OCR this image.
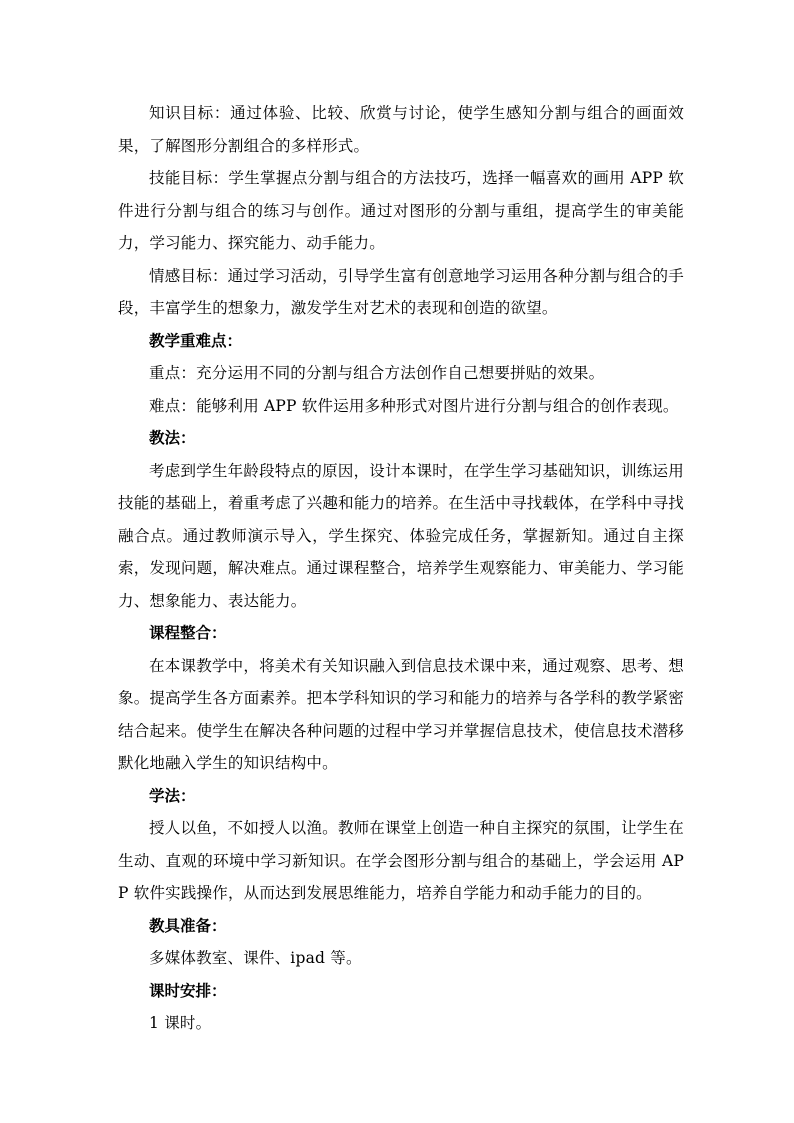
知识目标：通过体验、比较、欣赏与讨论，使学生感知分割与组合的画面效果，了解图形分割组合的多样形式。

技能目标：学生掌握点分割与组合的方法技巧，选择一幅喜欢的画用 APP 软件进行分割与组合的练习与创作。通过对图形的分割与重组，提高学生的审美能力，学习能力、探究能力、动手能力。

情感目标：通过学习活动，引导学生富有创意地学习运用各种分割与组合的手段，丰富学生的想象力，激发学生对艺术的表现和创造的欲望。

教学重难点：

重点：充分运用不同的分割与组合方法创作自己想要拼贴的效果。

难点：能够利用 APP 软件运用多种形式对图片进行分割与组合的创作表现。

教法：

考虑到学生年龄段特点的原因，设计本课时，在学生学习基础知识，训练运用技能的基础上，着重考虑了兴趣和能力的培养。在生活中寻找载体，在学科中寻找融合点。通过教师演示导入，学生探究、体验完成任务，掌握新知。通过自主探索，发现问题，解决难点。通过课程整合，培养学生观察能力、审美能力、学习能力、想象能力、表达能力。

课程整合：

在本课教学中，将美术有关知识融入到信息技术课中来，通过观察、思考、想象。提高学生各方面素养。把本学科知识的学习和能力的培养与各学科的教学紧密结合起来。使学生在解决各种问题的过程中学习并掌握信息技术，使信息技术潜移默化地融入学生的知识结构中。

学法：

授人以鱼，不如授人以渔。教师在课堂上创造一种自主探究的氛围，让学生在生动、直观的环境中学习新知识。在学会图形分割与组合的基础上，学会运用 APP 软件实践操作，从而达到发展思维能力，培养自学能力和动手能力的目的。

教具准备：

多媒体教室、课件、ipad 等。

课时安排：

1 课时。
